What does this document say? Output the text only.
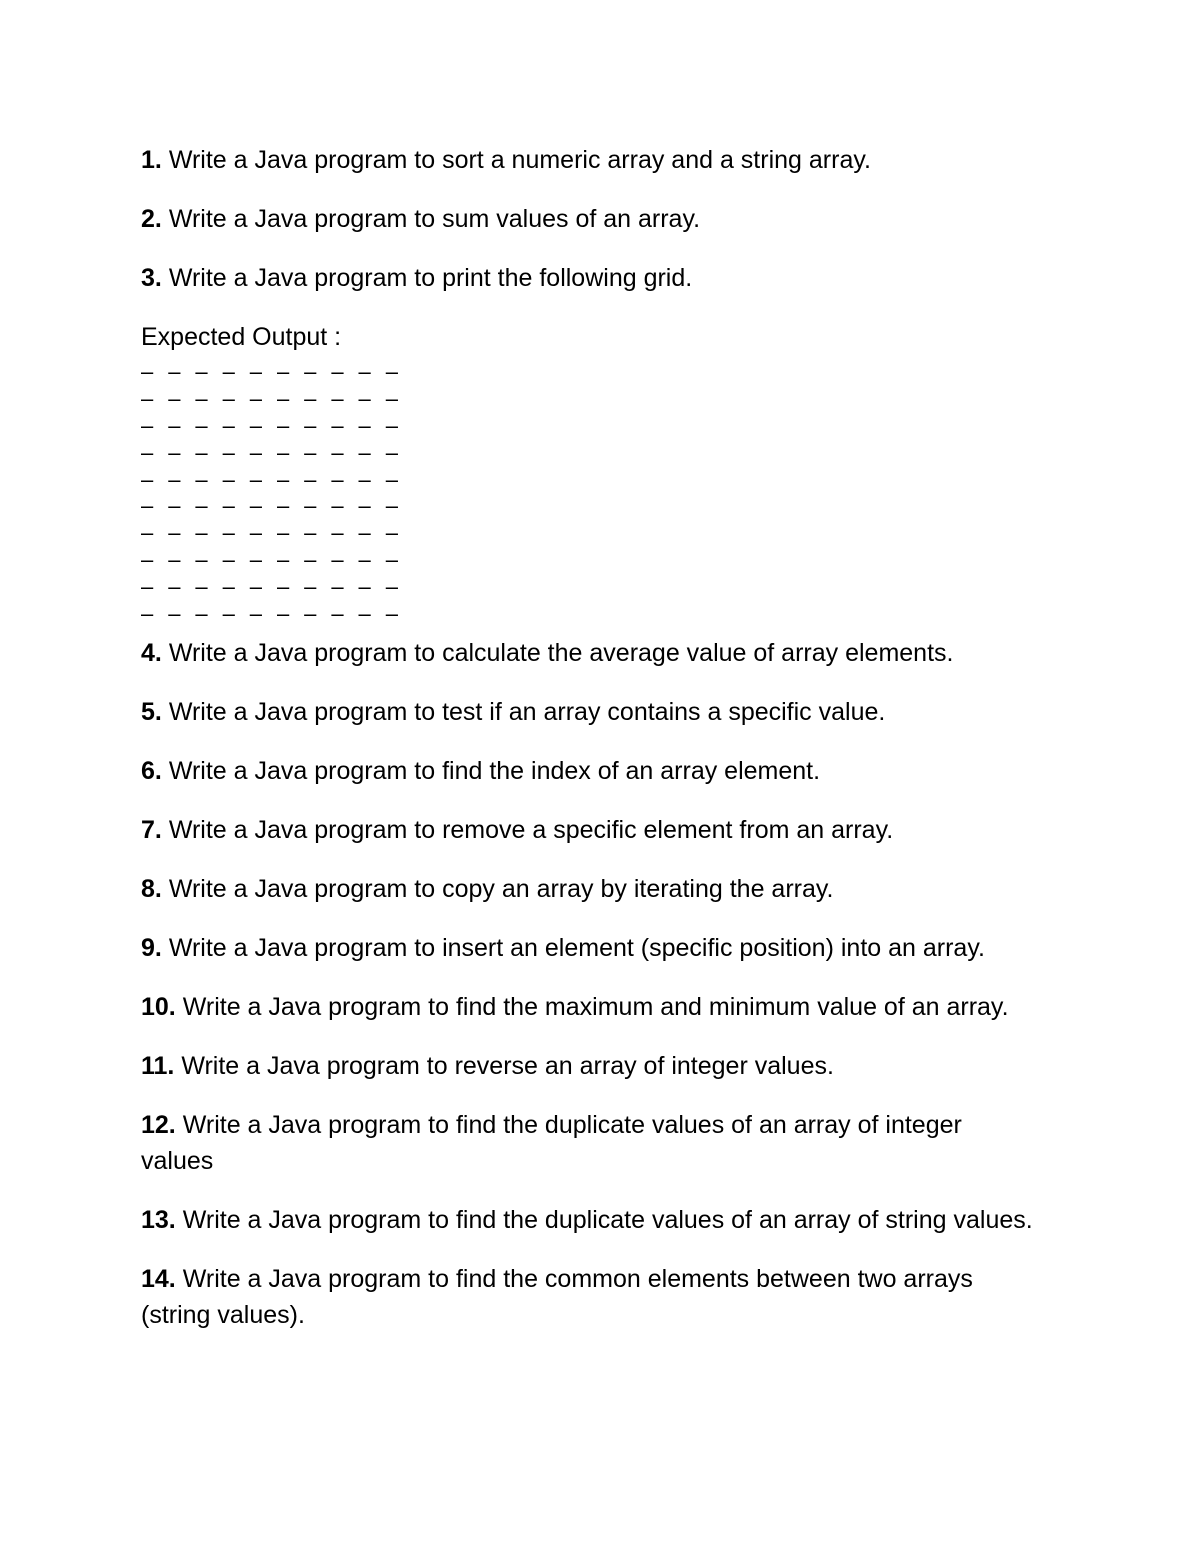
1. Write a Java program to sort a numeric array and a string array.

2. Write a Java program to sum values of an array.

3. Write a Java program to print the following grid.

Expected Output :

– – – – – – – – – –
– – – – – – – – – –
– – – – – – – – – –
– – – – – – – – – –
– – – – – – – – – –
– – – – – – – – – –
– – – – – – – – – –
– – – – – – – – – –
– – – – – – – – – –
– – – – – – – – – –

4. Write a Java program to calculate the average value of array elements.

5. Write a Java program to test if an array contains a specific value.

6. Write a Java program to find the index of an array element.

7. Write a Java program to remove a specific element from an array.

8. Write a Java program to copy an array by iterating the array.

9. Write a Java program to insert an element (specific position) into an array.

10. Write a Java program to find the maximum and minimum value of an array.

11. Write a Java program to reverse an array of integer values.

12. Write a Java program to find the duplicate values of an array of integer values

13. Write a Java program to find the duplicate values of an array of string values.

14. Write a Java program to find the common elements between two arrays (string values).
